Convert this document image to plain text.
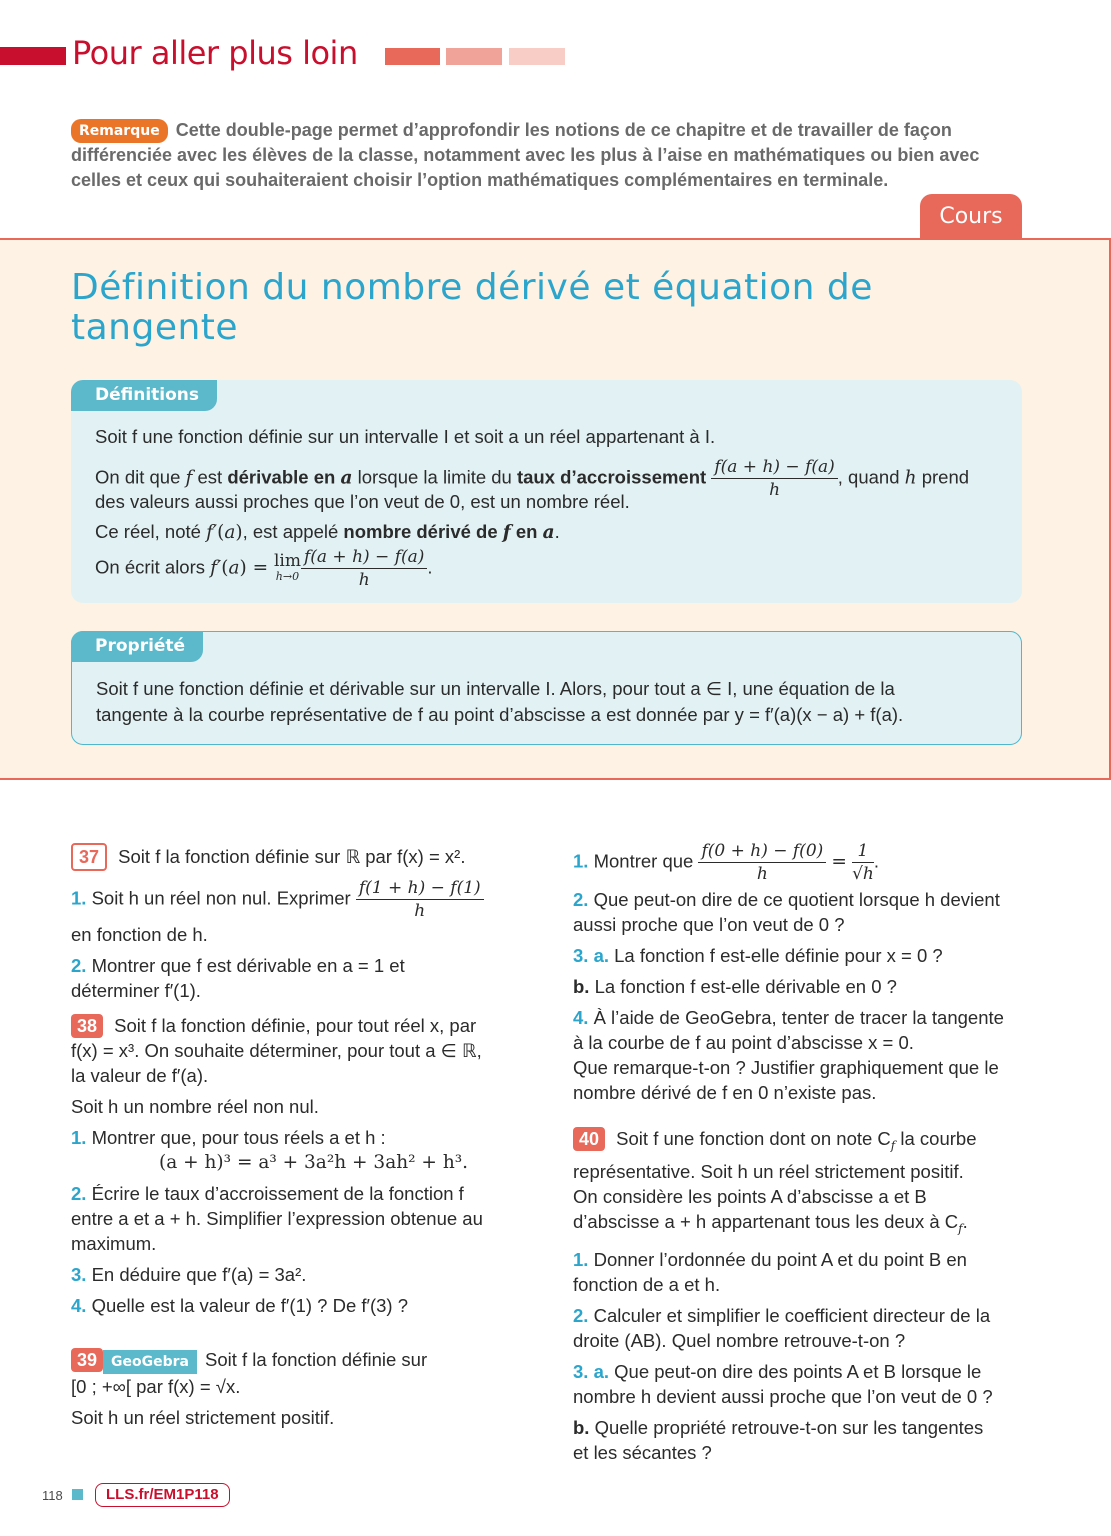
Pour aller plus loin
Remarque Cette double-page permet d’approfondir les notions de ce chapitre et de travailler de façon différenciée avec les élèves de la classe, notamment avec les plus à l’aise en mathématiques ou bien avec celles et ceux qui souhaiteraient choisir l’option mathématiques complémentaires en terminale.
Cours
Définition du nombre dérivé et équation de tangente
Définitions
Soit f une fonction définie sur un intervalle I et soit a un réel appartenant à I.
On dit que f est dérivable en a lorsque la limite du taux d’accroissement $\frac{f(a + h) - f(a)}{h}$ , quand h prend
des valeurs aussi proches que l’on veut de 0, est un nombre réel.
Ce réel, noté f′(a), est appelé nombre dérivé de f en a.
On écrit alors f′(a) = lim
$h\to 0 \frac{f(a + h) - f(a)}{h}$ .
Propriété
Soit f une fonction définie et dérivable sur un intervalle I. Alors, pour tout a ∈ I, une équation de la
tangente à la courbe représentative de f au point d’abscisse a est donnée par y = f′(a)(x − a) + f(a).
37 Soit f la fonction définie sur ℝ par f(x) = x².
1. Soit h un réel non nul. Exprimer $\frac{f(1 + h) - f(1)}{h}$
en fonction de h.
2. Montrer que f est dérivable en a = 1 et
déterminer f′(1).
38 Soit f la fonction définie, pour tout réel x, par
f(x) = x³. On souhaite déterminer, pour tout a ∈ ℝ,
la valeur de f′(a).
Soit h un nombre réel non nul.
1. Montrer que, pour tous réels a et h :
(a + h)³ = a³ + 3a²h + 3ah² + h³.
2. Écrire le taux d’accroissement de la fonction f
entre a et a + h. Simplifier l’expression obtenue au
maximum.
3. En déduire que f′(a) = 3a².
4. Quelle est la valeur de f′(1) ? De f′(3) ?
39 GeoGebra Soit f la fonction définie sur
[0 ; +∞[ par f(x) = √x.
Soit h un réel strictement positif.
1. Montrer que $\frac{f(0 + h) - f(0)}{h} = \frac{1}{√h}$ .
2. Que peut-on dire de ce quotient lorsque h devient
aussi proche que l’on veut de 0 ?
3. a. La fonction f est-elle définie pour x = 0 ?
b. La fonction f est-elle dérivable en 0 ?
4. À l’aide de GeoGebra, tenter de tracer la tangente
à la courbe de f au point d’abscisse x = 0.
Que remarque-t-on ? Justifier graphiquement que le
nombre dérivé de f en 0 n’existe pas.
40 Soit f une fonction dont on note $C_f$ la courbe
représentative. Soit h un réel strictement positif.
On considère les points A d’abscisse a et B
d’abscisse a + h appartenant tous les deux à $C_f$.
1. Donner l’ordonnée du point A et du point B en
fonction de a et h.
2. Calculer et simplifier le coefficient directeur de la
droite (AB). Quel nombre retrouve-t-on ?
3. a. Que peut-on dire des points A et B lorsque le
nombre h devient aussi proche que l’on veut de 0 ?
b. Quelle propriété retrouve-t-on sur les tangentes
et les sécantes ?
118	LLS.fr/EM1P118
